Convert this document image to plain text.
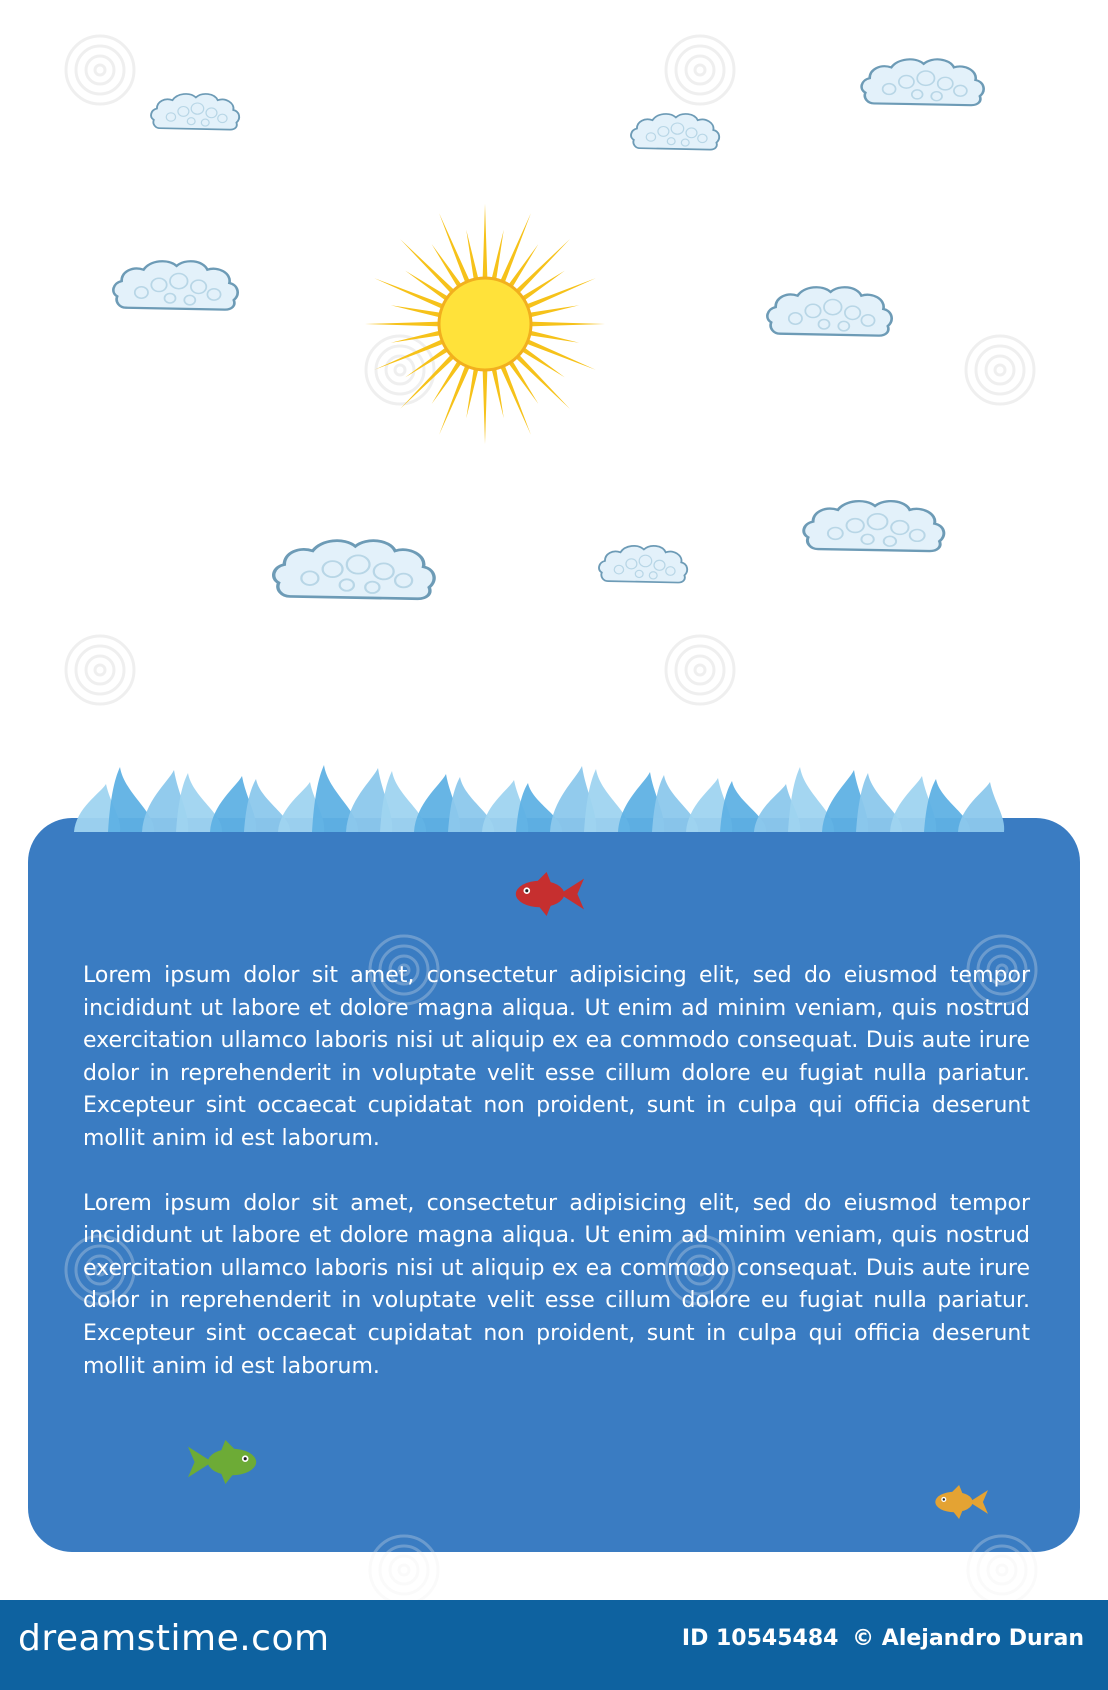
Lorem ipsum dolor sit amet, consectetur adipisicing elit, sed do eiusmod tempor incididunt ut labore et dolore magna aliqua. Ut enim ad minim veniam, quis nostrud exercitation ullamco laboris nisi ut aliquip ex ea commodo consequat. Duis aute irure dolor in reprehenderit in voluptate velit esse cillum dolore eu fugiat nulla pariatur. Excepteur sint occaecat cupidatat non proident, sunt in culpa qui officia deserunt mollit anim id est laborum.

Lorem ipsum dolor sit amet, consectetur adipisicing elit, sed do eiusmod tempor incididunt ut labore et dolore magna aliqua. Ut enim ad minim veniam, quis nostrud exercitation ullamco laboris nisi ut aliquip ex ea commodo consequat. Duis aute irure dolor in reprehenderit in voluptate velit esse cillum dolore eu fugiat nulla pariatur. Excepteur sint occaecat cupidatat non proident, sunt in culpa qui officia deserunt mollit anim id est laborum.

dreamstime.com	ID 10545484 © Alejandro Duran
